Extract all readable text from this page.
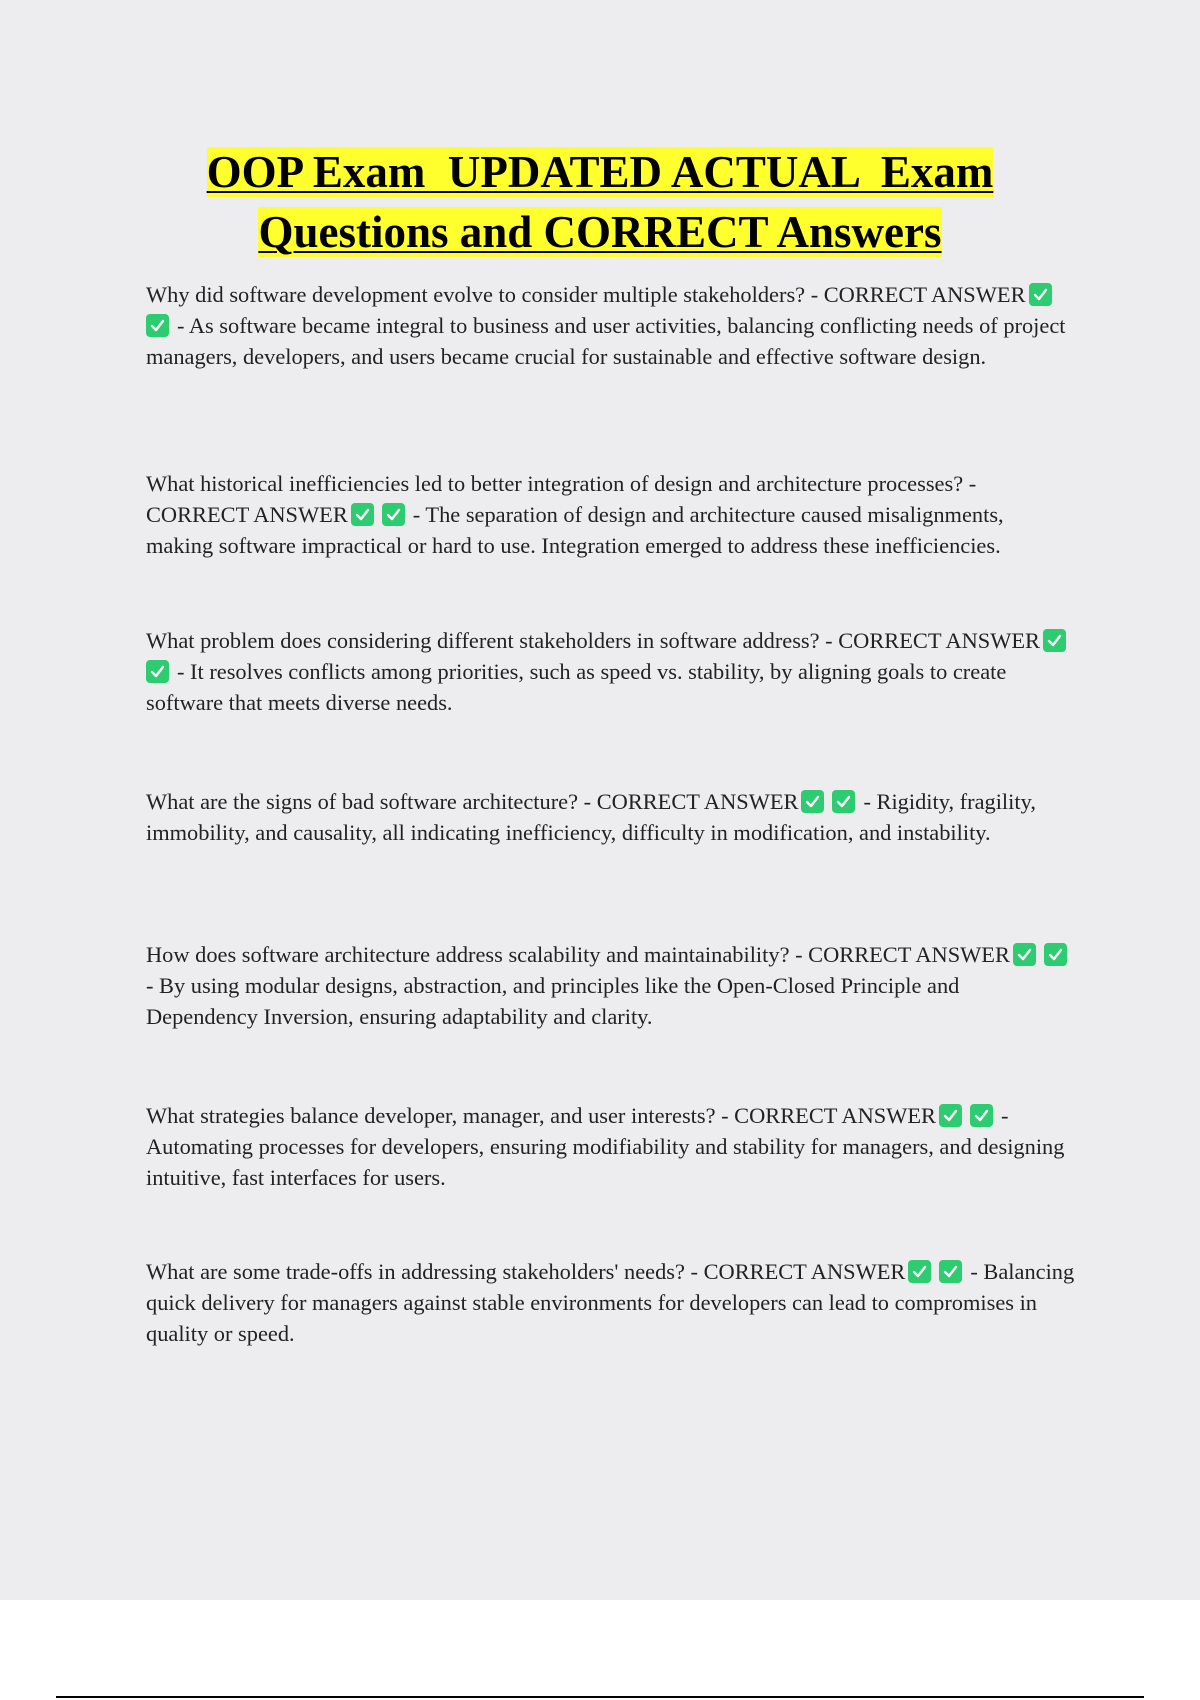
OOP Exam  UPDATED ACTUAL  Exam
Questions and CORRECT Answers
Why did software development evolve to consider multiple stakeholders? - CORRECT ANSWER
- As software became integral to business and user activities, balancing conflicting needs of project managers, developers, and users became crucial for sustainable and effective software design.
What historical inefficiencies led to better integration of design and architecture processes? - CORRECT ANSWER	- The separation of design and architecture caused misalignments, making software impractical or hard to use. Integration emerged to address these inefficiencies.
What problem does considering different stakeholders in software address? - CORRECT ANSWER
- It resolves conflicts among priorities, such as speed vs. stability, by aligning goals to create software that meets diverse needs.
What are the signs of bad software architecture? - CORRECT ANSWER	- Rigidity, fragility, immobility, and causality, all indicating inefficiency, difficulty in modification, and instability.
How does software architecture address scalability and maintainability? - CORRECT ANSWER
- By using modular designs, abstraction, and principles like the Open-Closed Principle and Dependency Inversion, ensuring adaptability and clarity.
What strategies balance developer, manager, and user interests? - CORRECT ANSWER	- Automating processes for developers, ensuring modifiability and stability for managers, and designing intuitive, fast interfaces for users.
What are some trade-offs in addressing stakeholders' needs? - CORRECT ANSWER	- Balancing quick delivery for managers against stable environments for developers can lead to compromises in quality or speed.
